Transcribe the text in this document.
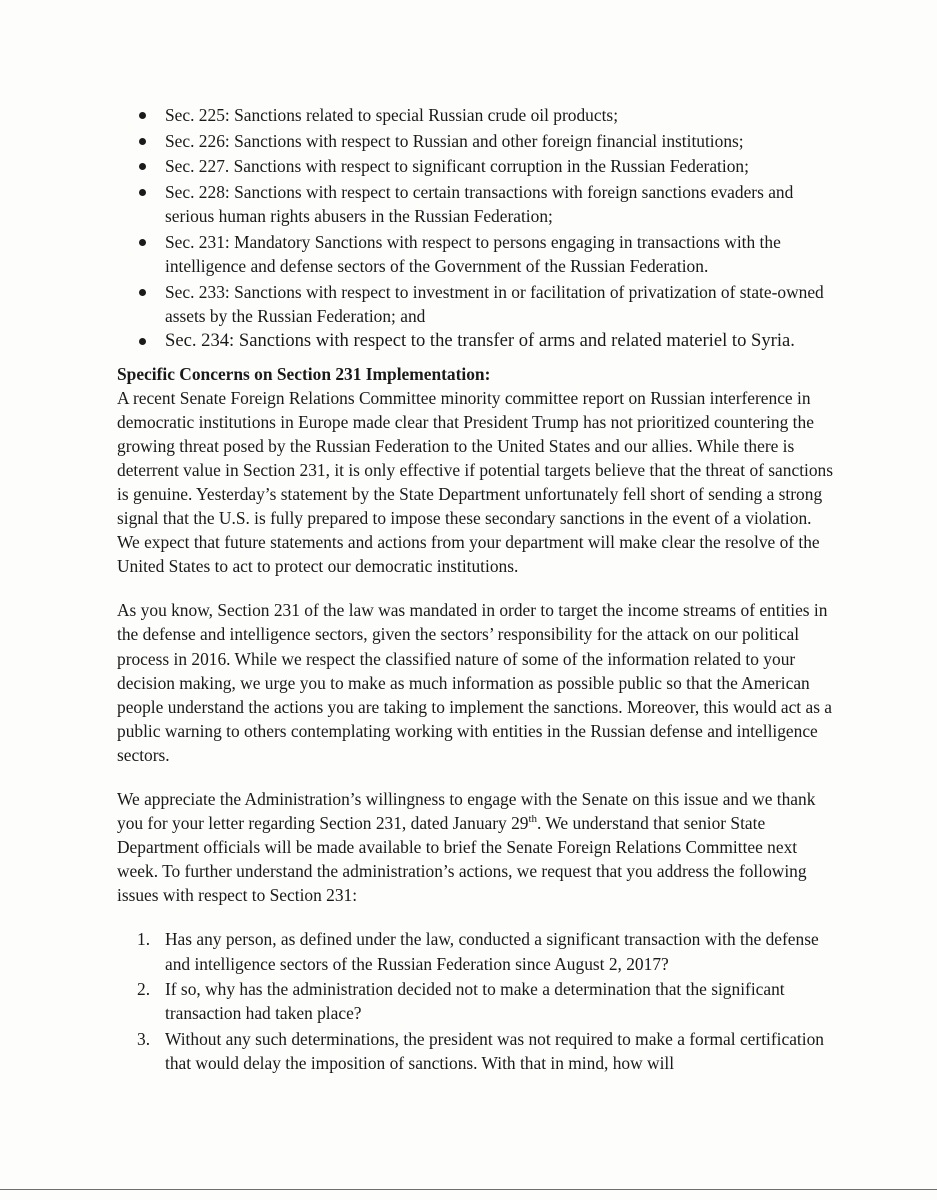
Sec. 225: Sanctions related to special Russian crude oil products;
Sec. 226: Sanctions with respect to Russian and other foreign financial institutions;
Sec. 227. Sanctions with respect to significant corruption in the Russian Federation;
Sec. 228: Sanctions with respect to certain transactions with foreign sanctions evaders and serious human rights abusers in the Russian Federation;
Sec. 231: Mandatory Sanctions with respect to persons engaging in transactions with the intelligence and defense sectors of the Government of the Russian Federation.
Sec. 233: Sanctions with respect to investment in or facilitation of privatization of state-owned assets by the Russian Federation; and
Sec. 234: Sanctions with respect to the transfer of arms and related materiel to Syria.
Specific Concerns on Section 231 Implementation:

A recent Senate Foreign Relations Committee minority committee report on Russian interference in democratic institutions in Europe made clear that President Trump has not prioritized countering the growing threat posed by the Russian Federation to the United States and our allies. While there is deterrent value in Section 231, it is only effective if potential targets believe that the threat of sanctions is genuine. Yesterday’s statement by the State Department unfortunately fell short of sending a strong signal that the U.S. is fully prepared to impose these secondary sanctions in the event of a violation. We expect that future statements and actions from your department will make clear the resolve of the United States to act to protect our democratic institutions.

As you know, Section 231 of the law was mandated in order to target the income streams of entities in the defense and intelligence sectors, given the sectors’ responsibility for the attack on our political process in 2016. While we respect the classified nature of some of the information related to your decision making, we urge you to make as much information as possible public so that the American people understand the actions you are taking to implement the sanctions. Moreover, this would act as a public warning to others contemplating working with entities in the Russian defense and intelligence sectors.

We appreciate the Administration’s willingness to engage with the Senate on this issue and we thank you for your letter regarding Section 231, dated January 29th. We understand that senior State Department officials will be made available to brief the Senate Foreign Relations Committee next week. To further understand the administration’s actions, we request that you address the following issues with respect to Section 231:

1. Has any person, as defined under the law, conducted a significant transaction with the defense and intelligence sectors of the Russian Federation since August 2, 2017?
2. If so, why has the administration decided not to make a determination that the significant transaction had taken place?
3. Without any such determinations, the president was not required to make a formal certification that would delay the imposition of sanctions. With that in mind, how will
